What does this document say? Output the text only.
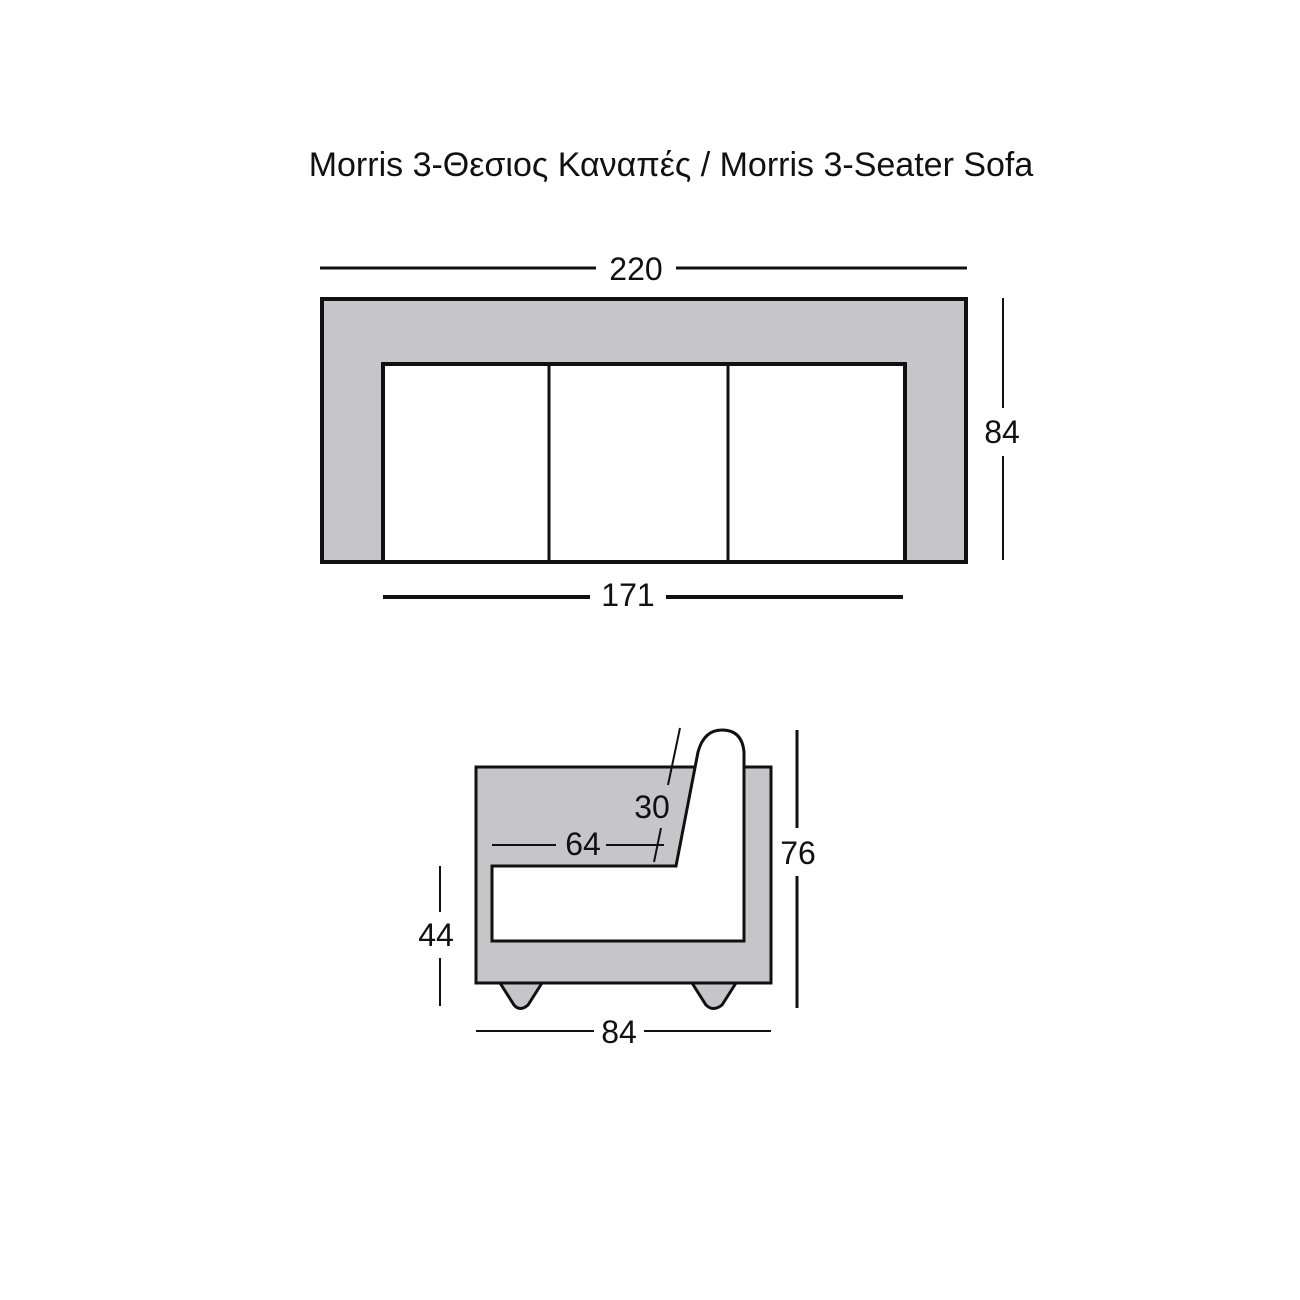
Morris 3-Θεσιος Καναπές / Morris 3-Seater Sofa
220
171
84
30
64	76
44
84
